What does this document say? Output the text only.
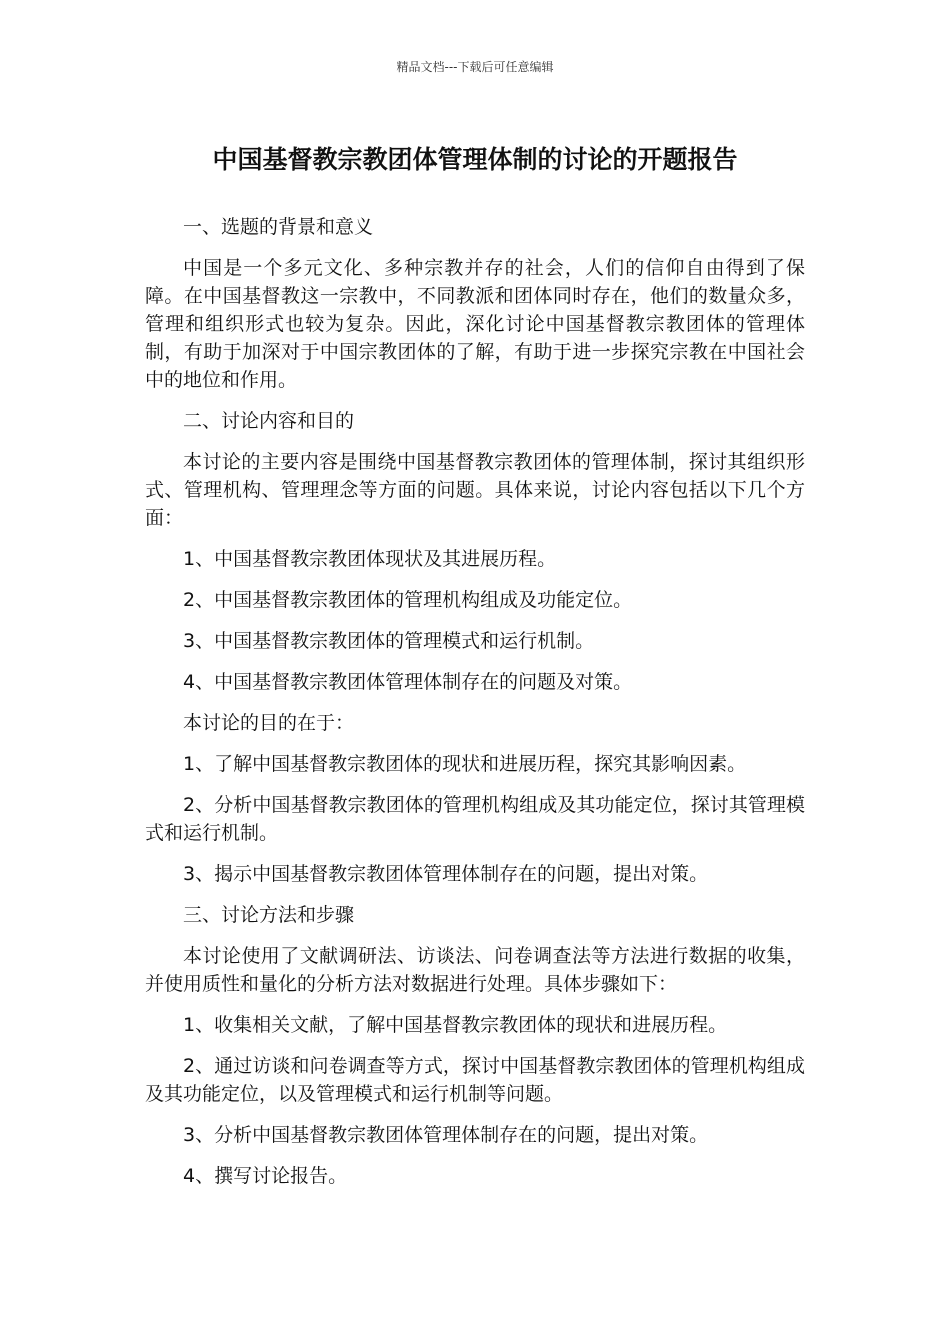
精品文档---下载后可任意编辑
中国基督教宗教团体管理体制的讨论的开题报告

一、选题的背景和意义

中国是一个多元文化、多种宗教并存的社会，人们的信仰自由得到了保障。在中国基督教这一宗教中，不同教派和团体同时存在，他们的数量众多，管理和组织形式也较为复杂。因此，深化讨论中国基督教宗教团体的管理体制，有助于加深对于中国宗教团体的了解，有助于进一步探究宗教在中国社会中的地位和作用。

二、讨论内容和目的

本讨论的主要内容是围绕中国基督教宗教团体的管理体制，探讨其组织形式、管理机构、管理理念等方面的问题。具体来说，讨论内容包括以下几个方面：

1、中国基督教宗教团体现状及其进展历程。

2、中国基督教宗教团体的管理机构组成及功能定位。

3、中国基督教宗教团体的管理模式和运行机制。

4、中国基督教宗教团体管理体制存在的问题及对策。

本讨论的目的在于：

1、了解中国基督教宗教团体的现状和进展历程，探究其影响因素。

2、分析中国基督教宗教团体的管理机构组成及其功能定位，探讨其管理模式和运行机制。

3、揭示中国基督教宗教团体管理体制存在的问题，提出对策。

三、讨论方法和步骤

本讨论使用了文献调研法、访谈法、问卷调查法等方法进行数据的收集，并使用质性和量化的分析方法对数据进行处理。具体步骤如下：

1、收集相关文献，了解中国基督教宗教团体的现状和进展历程。

2、通过访谈和问卷调查等方式，探讨中国基督教宗教团体的管理机构组成及其功能定位，以及管理模式和运行机制等问题。

3、分析中国基督教宗教团体管理体制存在的问题，提出对策。

4、撰写讨论报告。
